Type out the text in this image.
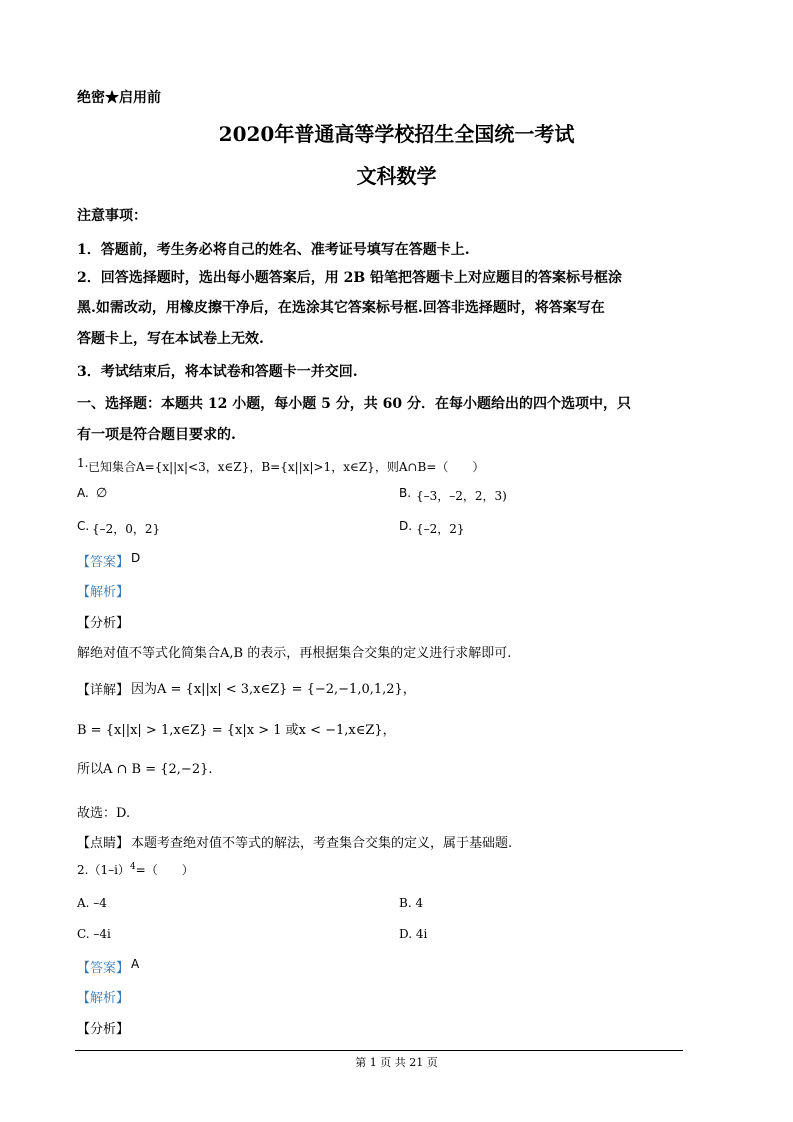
绝密★启用前
2020年普通高等学校招生全国统一考试
文科数学
注意事项：
1．答题前，考生务必将自己的姓名、准考证号填写在答题卡上.
2．回答选择题时，选出每小题答案后，用 2B 铅笔把答题卡上对应题目的答案标号框涂
黑.如需改动，用橡皮擦干净后，在选涂其它答案标号框.回答非选择题时，将答案写在
答题卡上，写在本试卷上无效.
3．考试结束后，将本试卷和答题卡一并交回.
一、选择题：本题共 12 小题，每小题 5 分，共 60 分．在每小题给出的四个选项中，只
有一项是符合题目要求的.
1. 已知集合A={x||x|<3，x∈Z}，B={x||x|>1，x∈Z}，则A∩B=（　　）
A. ∅	B. {–3，–2，2，3)
C. {–2，0，2}	D. {–2，2}
【答案】 D
【解析】
【分析】
解绝对值不等式化简集合A,B 的表示，再根据集合交集的定义进行求解即可.
【详解】 因为A = {x||x| < 3,x∈Z} = {−2,−1,0,1,2}，
B = {x||x| > 1,x∈Z} = {x|x > 1 或x < −1,x∈Z}，
所以A ∩ B = {2,−2}.
故选：D.
【点睛】 本题考查绝对值不等式的解法，考查集合交集的定义，属于基础题.
$2.(1-i)^4=$（　　）
A. –4	B. 4
C. –4i	D. 4i
【答案】 A
【解析】
【分析】
第 1 页 共 21 页
